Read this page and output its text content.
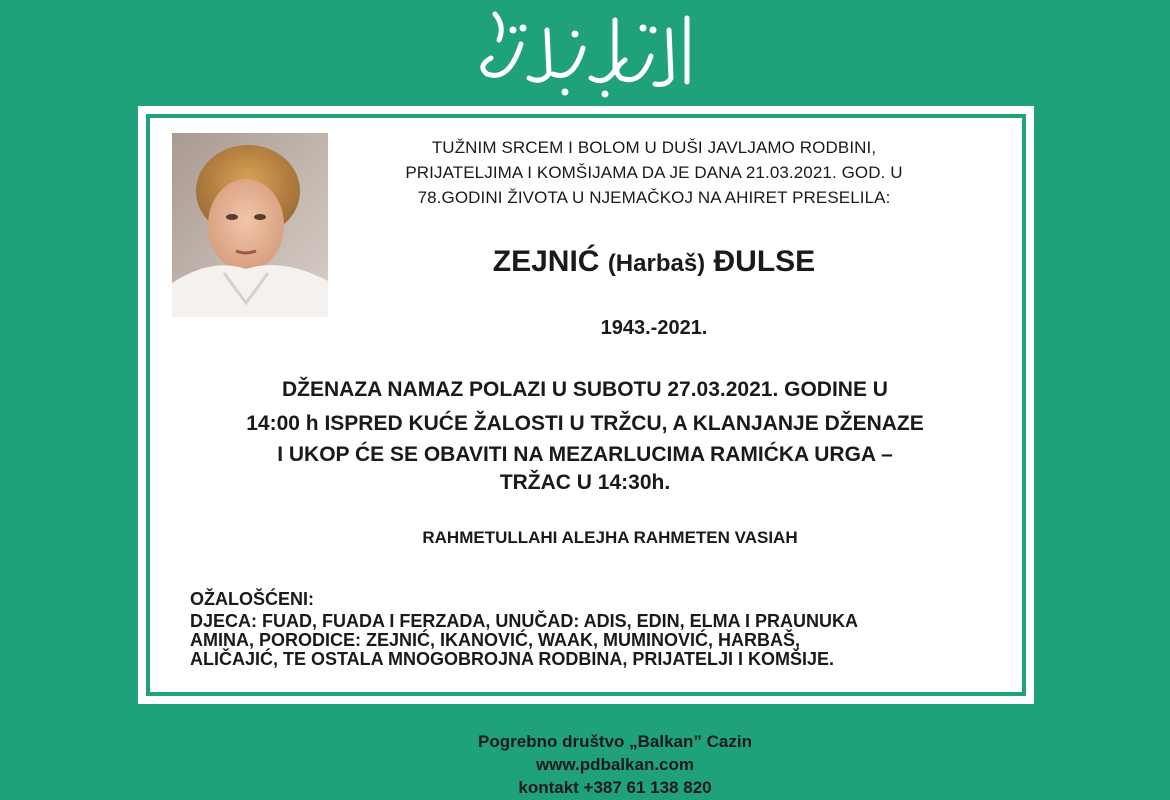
TUŽNIM SRCEM I BOLOM U DUŠI JAVLJAMO RODBINI,
PRIJATELJIMA I KOMŠIJAMA DA JE DANA 21.03.2021. GOD. U
78.GODINI ŽIVOTA U NJEMAČKOJ NA AHIRET PRESELILA:

ZEJNIĆ (Harbaš) ĐULSE

1943.-2021.

DŽENAZA NAMAZ POLAZI U SUBOTU 27.03.2021. GODINE U
14:00 h ISPRED KUĆE ŽALOSTI U TRŽCU, A KLANJANJE DŽENAZE

I UKOP ĆE SE OBAVITI NA MEZARLUCIMA RAMIĆKA URGA –
TRŽAC U 14:30h.

RAHMETULLAHI ALEJHA RAHMETEN VASIAH

OŽALOŠĆENI:
DJECA: FUAD, FUADA I FERZADA, UNUČAD: ADIS, EDIN, ELMA I PRAUNUKA
AMINA, PORODICE: ZEJNIĆ, IKANOVIĆ, WAAK, MUMINOVIĆ, HARBAŠ,
ALIČAJIĆ, TE OSTALA MNOGOBROJNA RODBINA, PRIJATELJI I KOMŠIJE.
Pogrebno društvo „Balkan” Cazin
www.pdbalkan.com
kontakt +387 61 138 820
